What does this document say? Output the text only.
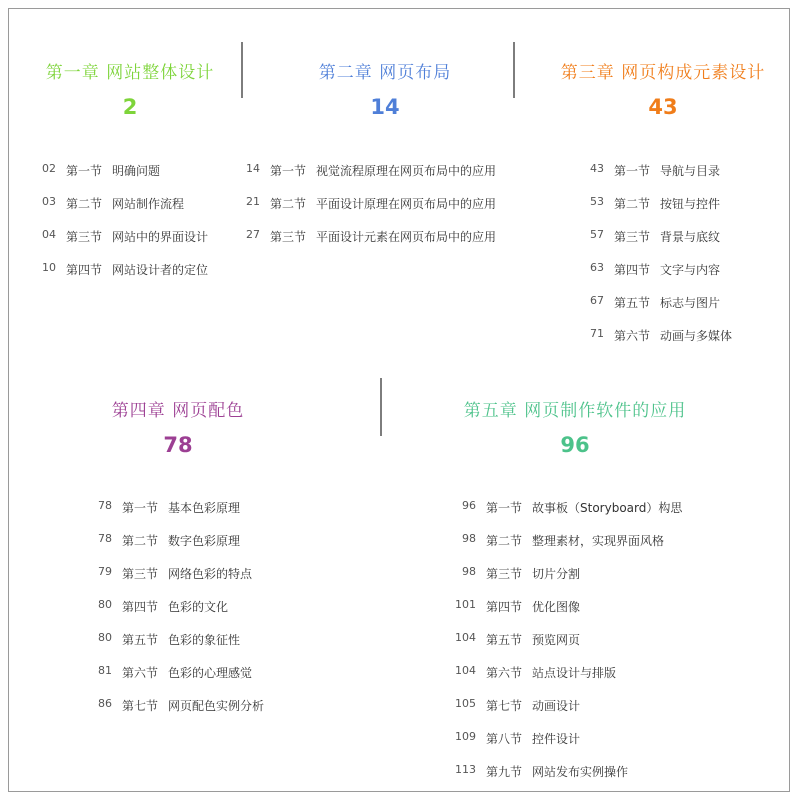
第一章 网站整体设计
2
第二章 网页布局
14
第三章 网页构成元素设计
43
第四章 网页配色
78
第五章 网页制作软件的应用
96
02 第一节 明确问题
03 第二节 网站制作流程
04 第三节 网站中的界面设计
10 第四节 网站设计者的定位
14 第一节 视觉流程原理在网页布局中的应用
21 第二节 平面设计原理在网页布局中的应用
27 第三节 平面设计元素在网页布局中的应用
43 第一节 导航与目录
53 第二节 按钮与控件
57 第三节 背景与底纹
63 第四节 文字与内容
67 第五节 标志与图片
71 第六节 动画与多媒体
78 第一节 基本色彩原理
78 第二节 数字色彩原理
79 第三节 网络色彩的特点
80 第四节 色彩的文化
80 第五节 色彩的象征性
81 第六节 色彩的心理感觉
86 第七节 网页配色实例分析
96 第一节 故事板（Storyboard）构思
98 第二节 整理素材，实现界面风格
98 第三节 切片分割
101 第四节 优化图像
104 第五节 预览网页
104 第六节 站点设计与排版
105 第七节 动画设计
109 第八节 控件设计
113 第九节 网站发布实例操作
